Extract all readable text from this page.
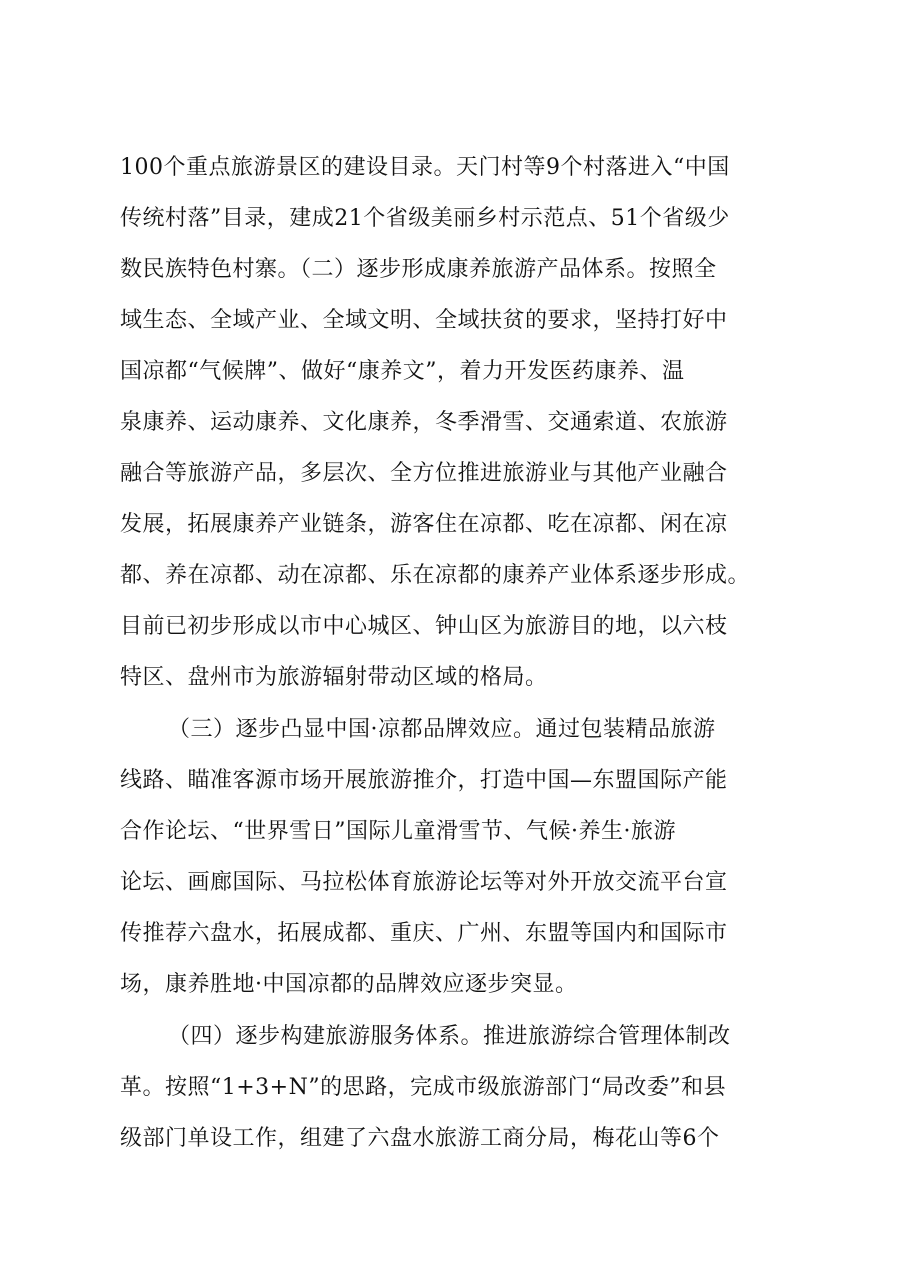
100个重点旅游景区的建设目录。天门村等9个村落进入“中国
传统村落”目录，建成21个省级美丽乡村示范点、51个省级少
数民族特色村寨。（二）逐步形成康养旅游产品体系。按照全
域生态、全域产业、全域文明、全域扶贫的要求，坚持打好中
国凉都“气候牌”、做好“康养文”，着力开发医药康养、温
泉康养、运动康养、文化康养，冬季滑雪、交通索道、农旅游
融合等旅游产品，多层次、全方位推进旅游业与其他产业融合
发展，拓展康养产业链条，游客住在凉都、吃在凉都、闲在凉
都、养在凉都、动在凉都、乐在凉都的康养产业体系逐步形成。
目前已初步形成以市中心城区、钟山区为旅游目的地，以六枝
特区、盘州市为旅游辐射带动区域的格局。
（三）逐步凸显中国·凉都品牌效应。通过包装精品旅游
线路、瞄准客源市场开展旅游推介，打造中国—东盟国际产能
合作论坛、“世界雪日”国际儿童滑雪节、气候·养生·旅游
论坛、画廊国际、马拉松体育旅游论坛等对外开放交流平台宣
传推荐六盘水，拓展成都、重庆、广州、东盟等国内和国际市
场，康养胜地·中国凉都的品牌效应逐步突显。
（四）逐步构建旅游服务体系。推进旅游综合管理体制改
革。按照“1+3+N”的思路，完成市级旅游部门“局改委”和县
级部门单设工作，组建了六盘水旅游工商分局，梅花山等6个
